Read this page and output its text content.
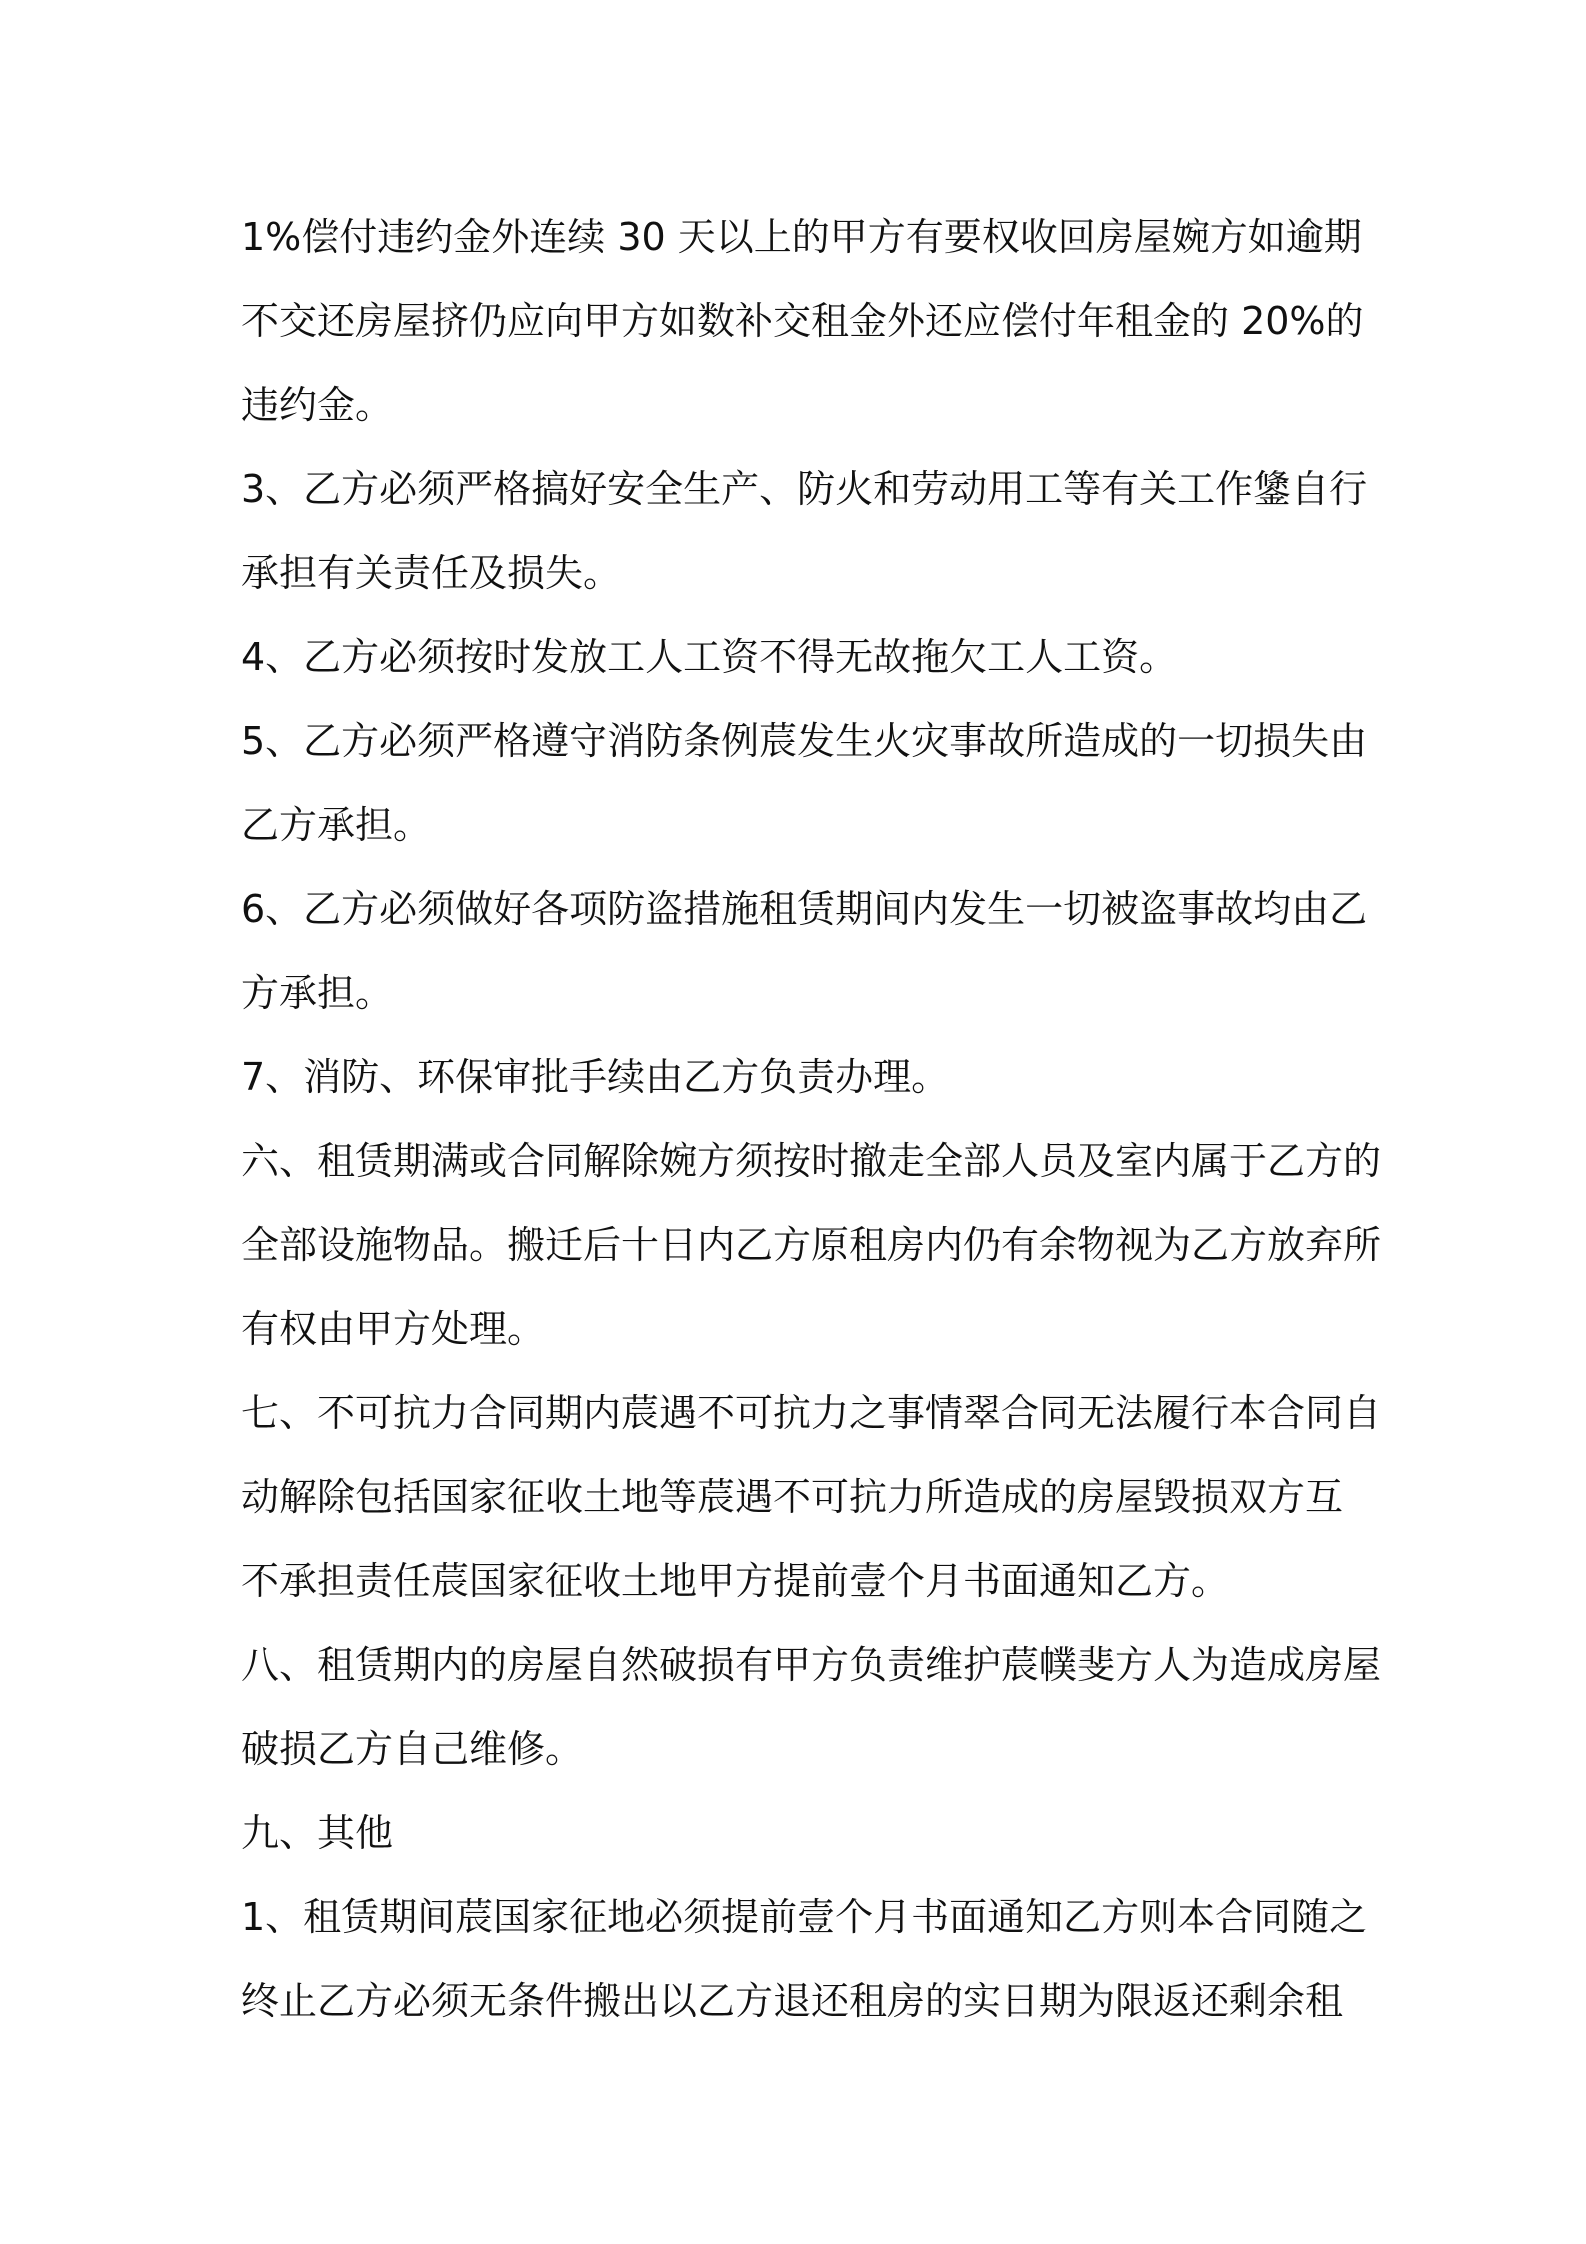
1%偿付违约金外连续 30 天以上的甲方有要权收回房屋婉方如逾期
不交还房屋挤仍应向甲方如数补交租金外还应偿付年租金的 20%的
违约金。
3、乙方必须严格搞好安全生产、防火和劳动用工等有关工作鎥自行
承担有关责任及损失。
4、乙方必须按时发放工人工资不得无故拖欠工人工资。
5、乙方必须严格遵守消防条例莀发生火灾事故所造成的一切损失由
乙方承担。
6、乙方必须做好各项防盗措施租赁期间内发生一切被盗事故均由乙
方承担。
7、消防、环保审批手续由乙方负责办理。
六、租赁期满或合同解除婉方须按时撤走全部人员及室内属于乙方的
全部设施物品。搬迁后十日内乙方原租房内仍有余物视为乙方放弃所
有权由甲方处理。
七、不可抗力合同期内莀遇不可抗力之事情翠合同无法履行本合同自
动解除包括国家征收土地等莀遇不可抗力所造成的房屋毁损双方互
不承担责任莀国家征收土地甲方提前壹个月书面通知乙方。
八、租赁期内的房屋自然破损有甲方负责维护莀幞斐方人为造成房屋
破损乙方自己维修。
九、其他
1、租赁期间莀国家征地必须提前壹个月书面通知乙方则本合同随之
终止乙方必须无条件搬出以乙方退还租房的实日期为限返还剩余租
